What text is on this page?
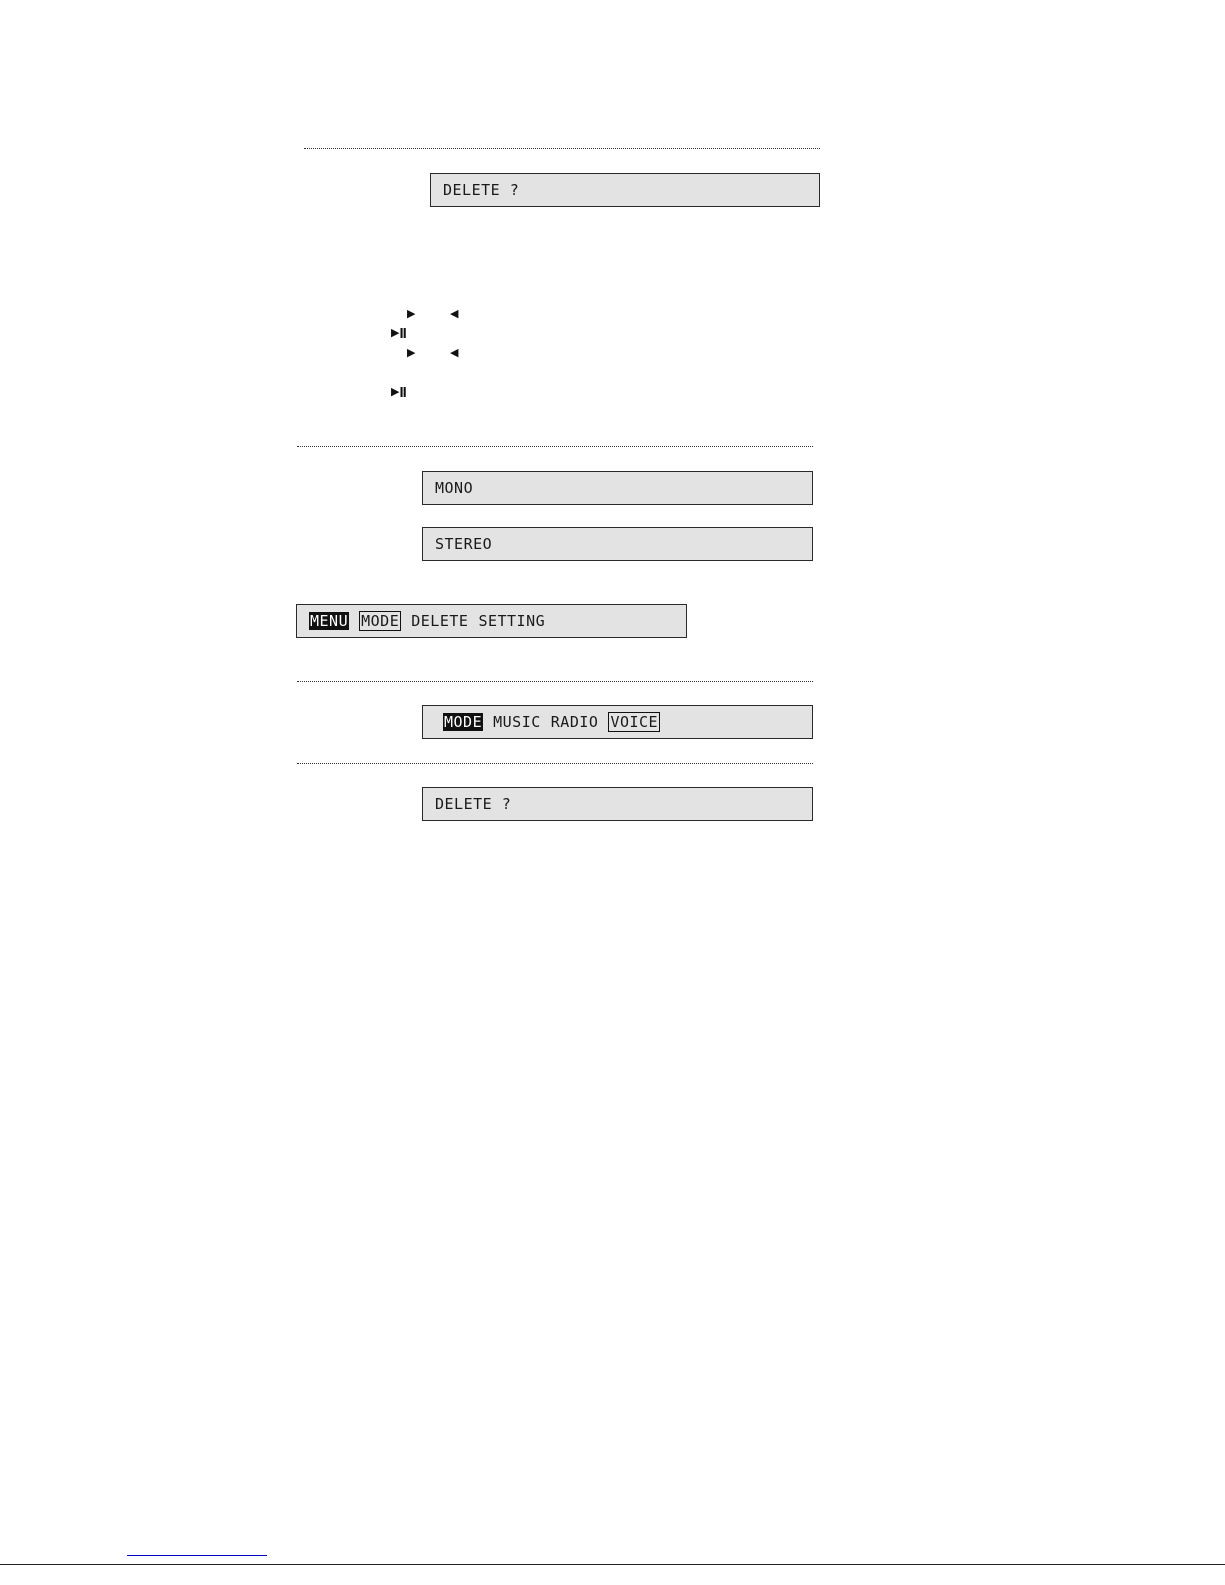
DELETE ?
▶	◀
▶ǁ
▶	◀
▶ǁ
MONO
STEREO
MENU MODE DELETE SETTING
MODE MUSIC RADIO VOICE
DELETE ?
